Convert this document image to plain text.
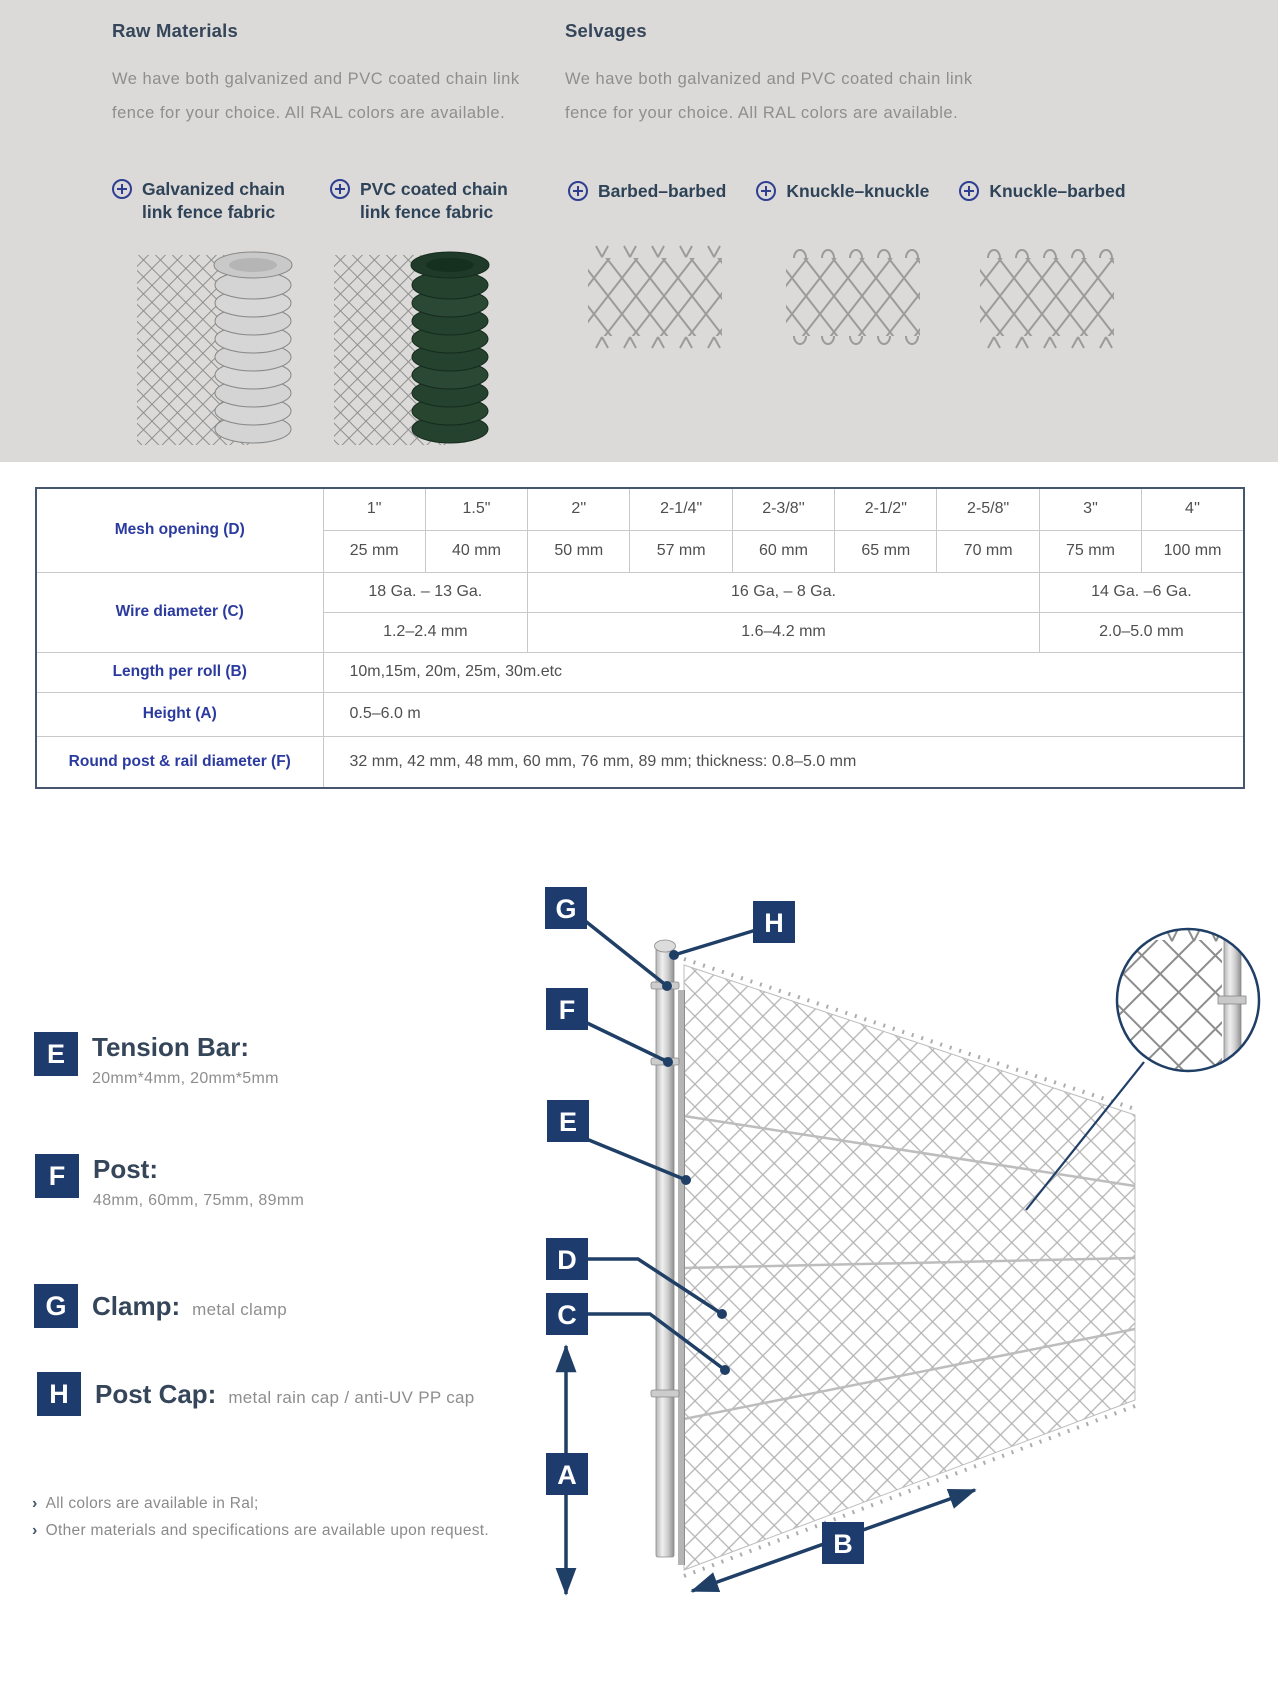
Raw Materials

We have both galvanized and PVC coated chain link fence for your choice. All RAL colors are available.

Galvanized chain link fence fabric
PVC coated chain link fence fabric
Selvages

We have both galvanized and PVC coated chain link fence for your choice. All RAL colors are available.

Barbed–barbed	Knuckle–knuckle	Knuckle–barbed
Mesh opening (D)	1"	1.5"	2''	2-1/4"	2-3/8''	2-1/2"	2-5/8"	3"	4''
	25 mm	40 mm	50 mm	57 mm	60 mm	65 mm	70 mm	75 mm	100 mm
Wire diameter (C)	18 Ga. – 13 Ga.		16 Ga, – 8 Ga.					14 Ga. –6 Ga.	
	1.2–2.4 mm		1.6–4.2 mm					2.0–5.0 mm	
Length per roll (B)	10m,15m, 20m, 25m, 30m.etc								
Height (A)	0.5–6.0 m								
Round post & rail diameter (F)	32 mm, 42 mm, 48 mm, 60 mm, 76 mm, 89 mm; thickness: 0.8–5.0 mm								
E	Tension Bar:
20mm*4mm, 20mm*5mm
F	Post:
48mm, 60mm, 75mm, 89mm
G Clamp: metal clamp
H	Post Cap: metal rain cap / anti-UV PP cap
› All colors are available in Ral;
› Other materials and specifications are available upon request.
G	H
F
E
D
C
A
B
